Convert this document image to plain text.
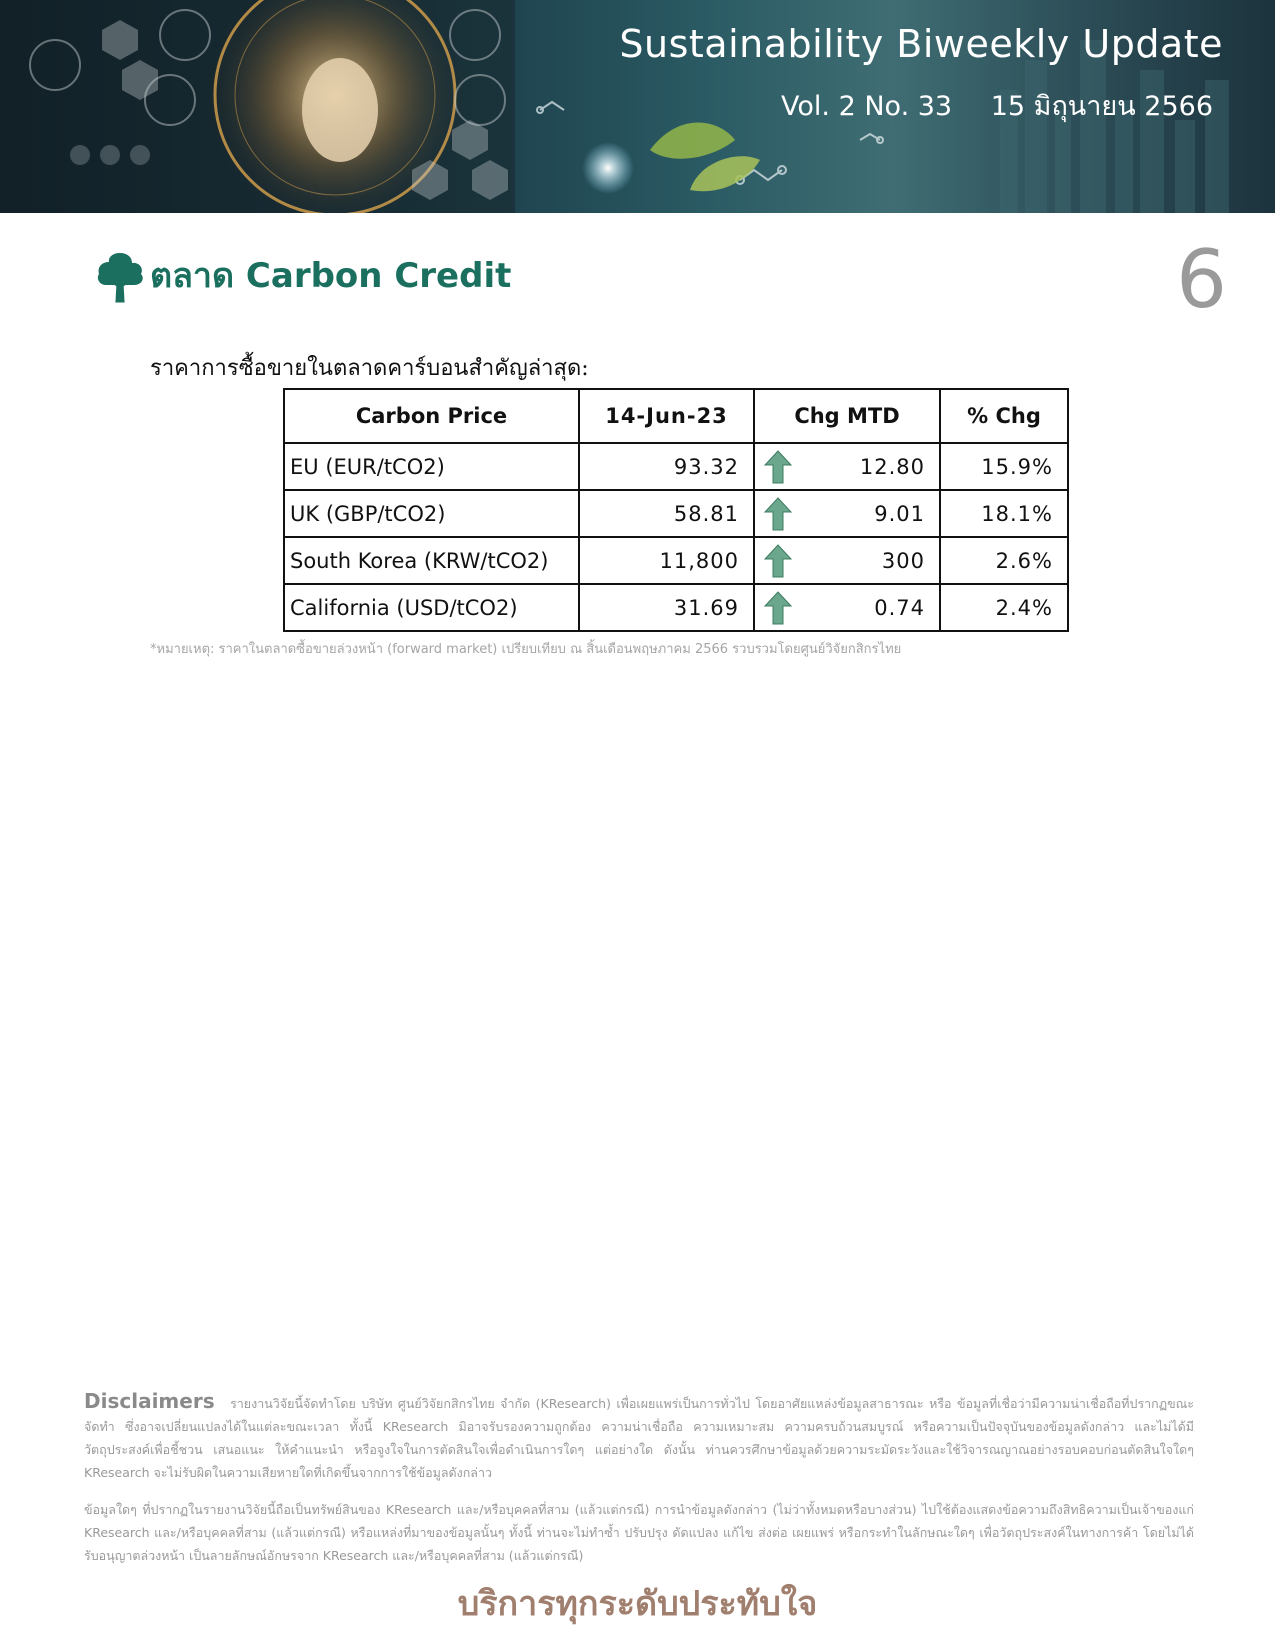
Sustainability Biweekly Update
Vol. 2 No. 33 15 มิถุนายน 2566
ตลาด Carbon Credit	6
ราคาการซื้อขายในตลาดคาร์บอนสำคัญล่าสุด:
Carbon Price	14-Jun-23	Chg MTD	% Chg
EU (EUR/tCO2)	93.32	12.80	15.9%
UK (GBP/tCO2)	58.81	9.01	18.1%
South Korea (KRW/tCO2)	11,800	300	2.6%
California (USD/tCO2)	31.69	0.74	2.4%
*หมายเหตุ: ราคาในตลาดซื้อขายล่วงหน้า (forward market) เปรียบเทียบ ณ สิ้นเดือนพฤษภาคม 2566 รวบรวมโดยศูนย์วิจัยกสิกรไทย

Disclaimers รายงานวิจัยนี้จัดทำโดย บริษัท ศูนย์วิจัยกสิกรไทย จำกัด (KResearch) เพื่อเผยแพร่เป็นการทั่วไป โดยอาศัยแหล่งข้อมูลสาธารณะ หรือ ข้อมูลที่เชื่อว่ามีความน่าเชื่อถือที่ปรากฏขณะจัดทำ ซึ่งอาจเปลี่ยนแปลงได้ในแต่ละขณะเวลา ทั้งนี้ KResearch มิอาจรับรองความถูกต้อง ความน่าเชื่อถือ ความเหมาะสม ความครบถ้วนสมบูรณ์ หรือความเป็นปัจจุบันของข้อมูลดังกล่าว และไม่ได้มีวัตถุประสงค์เพื่อชี้ชวน เสนอแนะ ให้คำแนะนำ หรือจูงใจในการตัดสินใจเพื่อดำเนินการใดๆ แต่อย่างใด ดังนั้น ท่านควรศึกษาข้อมูลด้วยความระมัดระวังและใช้วิจารณญาณอย่างรอบคอบก่อนตัดสินใจใดๆ KResearch จะไม่รับผิดในความเสียหายใดที่เกิดขึ้นจากการใช้ข้อมูลดังกล่าว

ข้อมูลใดๆ ที่ปรากฏในรายงานวิจัยนี้ถือเป็นทรัพย์สินของ KResearch และ/หรือบุคคลที่สาม (แล้วแต่กรณี) การนำข้อมูลดังกล่าว (ไม่ว่าทั้งหมดหรือบางส่วน) ไปใช้ต้องแสดงข้อความถึงสิทธิความเป็นเจ้าของแก่ KResearch และ/หรือบุคคลที่สาม (แล้วแต่กรณี) หรือแหล่งที่มาของข้อมูลนั้นๆ ทั้งนี้ ท่านจะไม่ทำซ้ำ ปรับปรุง ดัดแปลง แก้ไข ส่งต่อ เผยแพร่ หรือกระทำในลักษณะใดๆ เพื่อวัตถุประสงค์ในทางการค้า โดยไม่ได้รับอนุญาตล่วงหน้า เป็นลายลักษณ์อักษรจาก KResearch และ/หรือบุคคลที่สาม (แล้วแต่กรณี)

บริการทุกระดับประทับใจ
